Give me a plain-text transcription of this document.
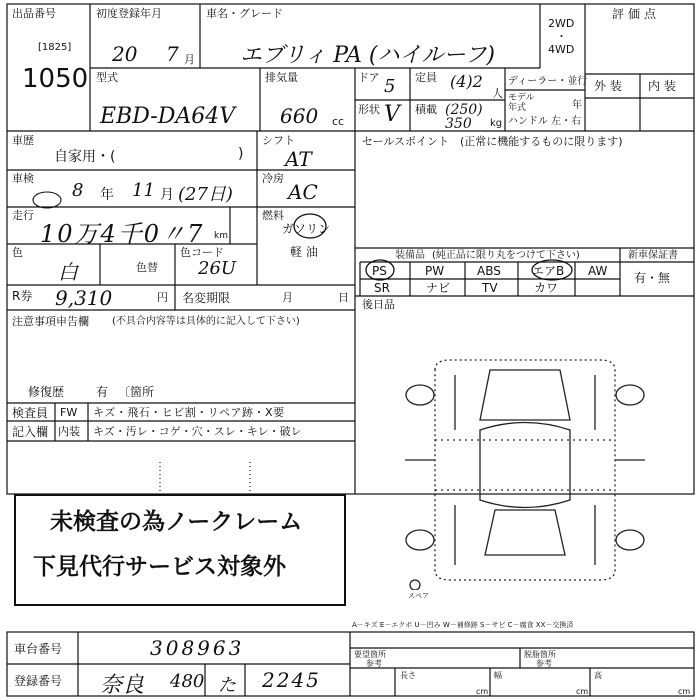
出品番号
[1825]
1050
初度登録年月
20 7 月
車名・グレード
エブリィ PA (ハイルーフ)
2WD
・
4WD
評価点
型式
EBD-DA64V
排気量
660 cc
ドア 5 定員 (4)2
人
形状 V 積載 (250) 350	kg
ディーラー・並行
モデル
年式	年
ハンドル 左・右
外 装 内 装
車歴
自家用・(	)
シフト
AT
車検
8 年 11 月 (27日)
冷房
AC
走行
10万4千0〃7 km
燃料
ガソリン
軽 油
色
白	色替
色コード
26U
R券 9,310	円 名変期限	月	日
注意事項申告欄 (不具合内容等は具体的に記入して下さい)
修復歴	有 〔箇所
検査員
記入欄
FW キズ・飛石・ヒビ割・リペア跡・X要
内装 キズ・汚レ・コゲ・穴・スレ・キレ・破レ
セールスポイント (正常に機能するものに限ります)
装備品 (純正品に限り丸をつけて下さい)	新車保証書
有・無
PS	PW	ABS	エアB AW
SR	ナビ	TV	カワ
後日品
スペア
未検査の為ノークレーム
下見代行サービス対象外
車台番号	308963
登録番号 奈良 480 た 2245
A－キズ E－エクボ U－凹み W－補修跡 S－サビ C－腐食 XX－交換済
要望箇所
参考
脱脂箇所
参考
長さ	幅	高
cm	cm	cm
